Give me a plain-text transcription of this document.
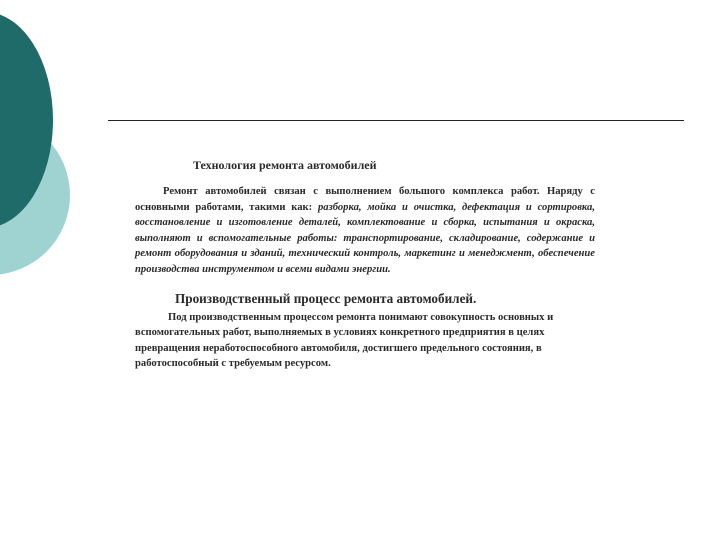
Технология ремонта автомобилей

Ремонт автомобилей связан с выполнением большого комплекса работ. Наряду с основными работами, такими как: разборка, мойка и очистка, дефектация и сортировка, восстановление и изготовление деталей, комплектование и сборка, испытания и окраска, выполняют и вспомогательные работы: транспортирование, складирование, содержание и ремонт оборудования и зданий, технический контроль, маркетинг и менеджмент, обеспечение производства инструментом и всеми видами энергии.

Производственный процесс ремонта автомобилей.

Под производственным процессом ремонта понимают совокупность основных и вспомогательных работ, выполняемых в условиях конкретного предприятия в целях превращения неработоспособного автомобиля, достигшего предельного состояния, в работоспособный с требуемым ресурсом.
